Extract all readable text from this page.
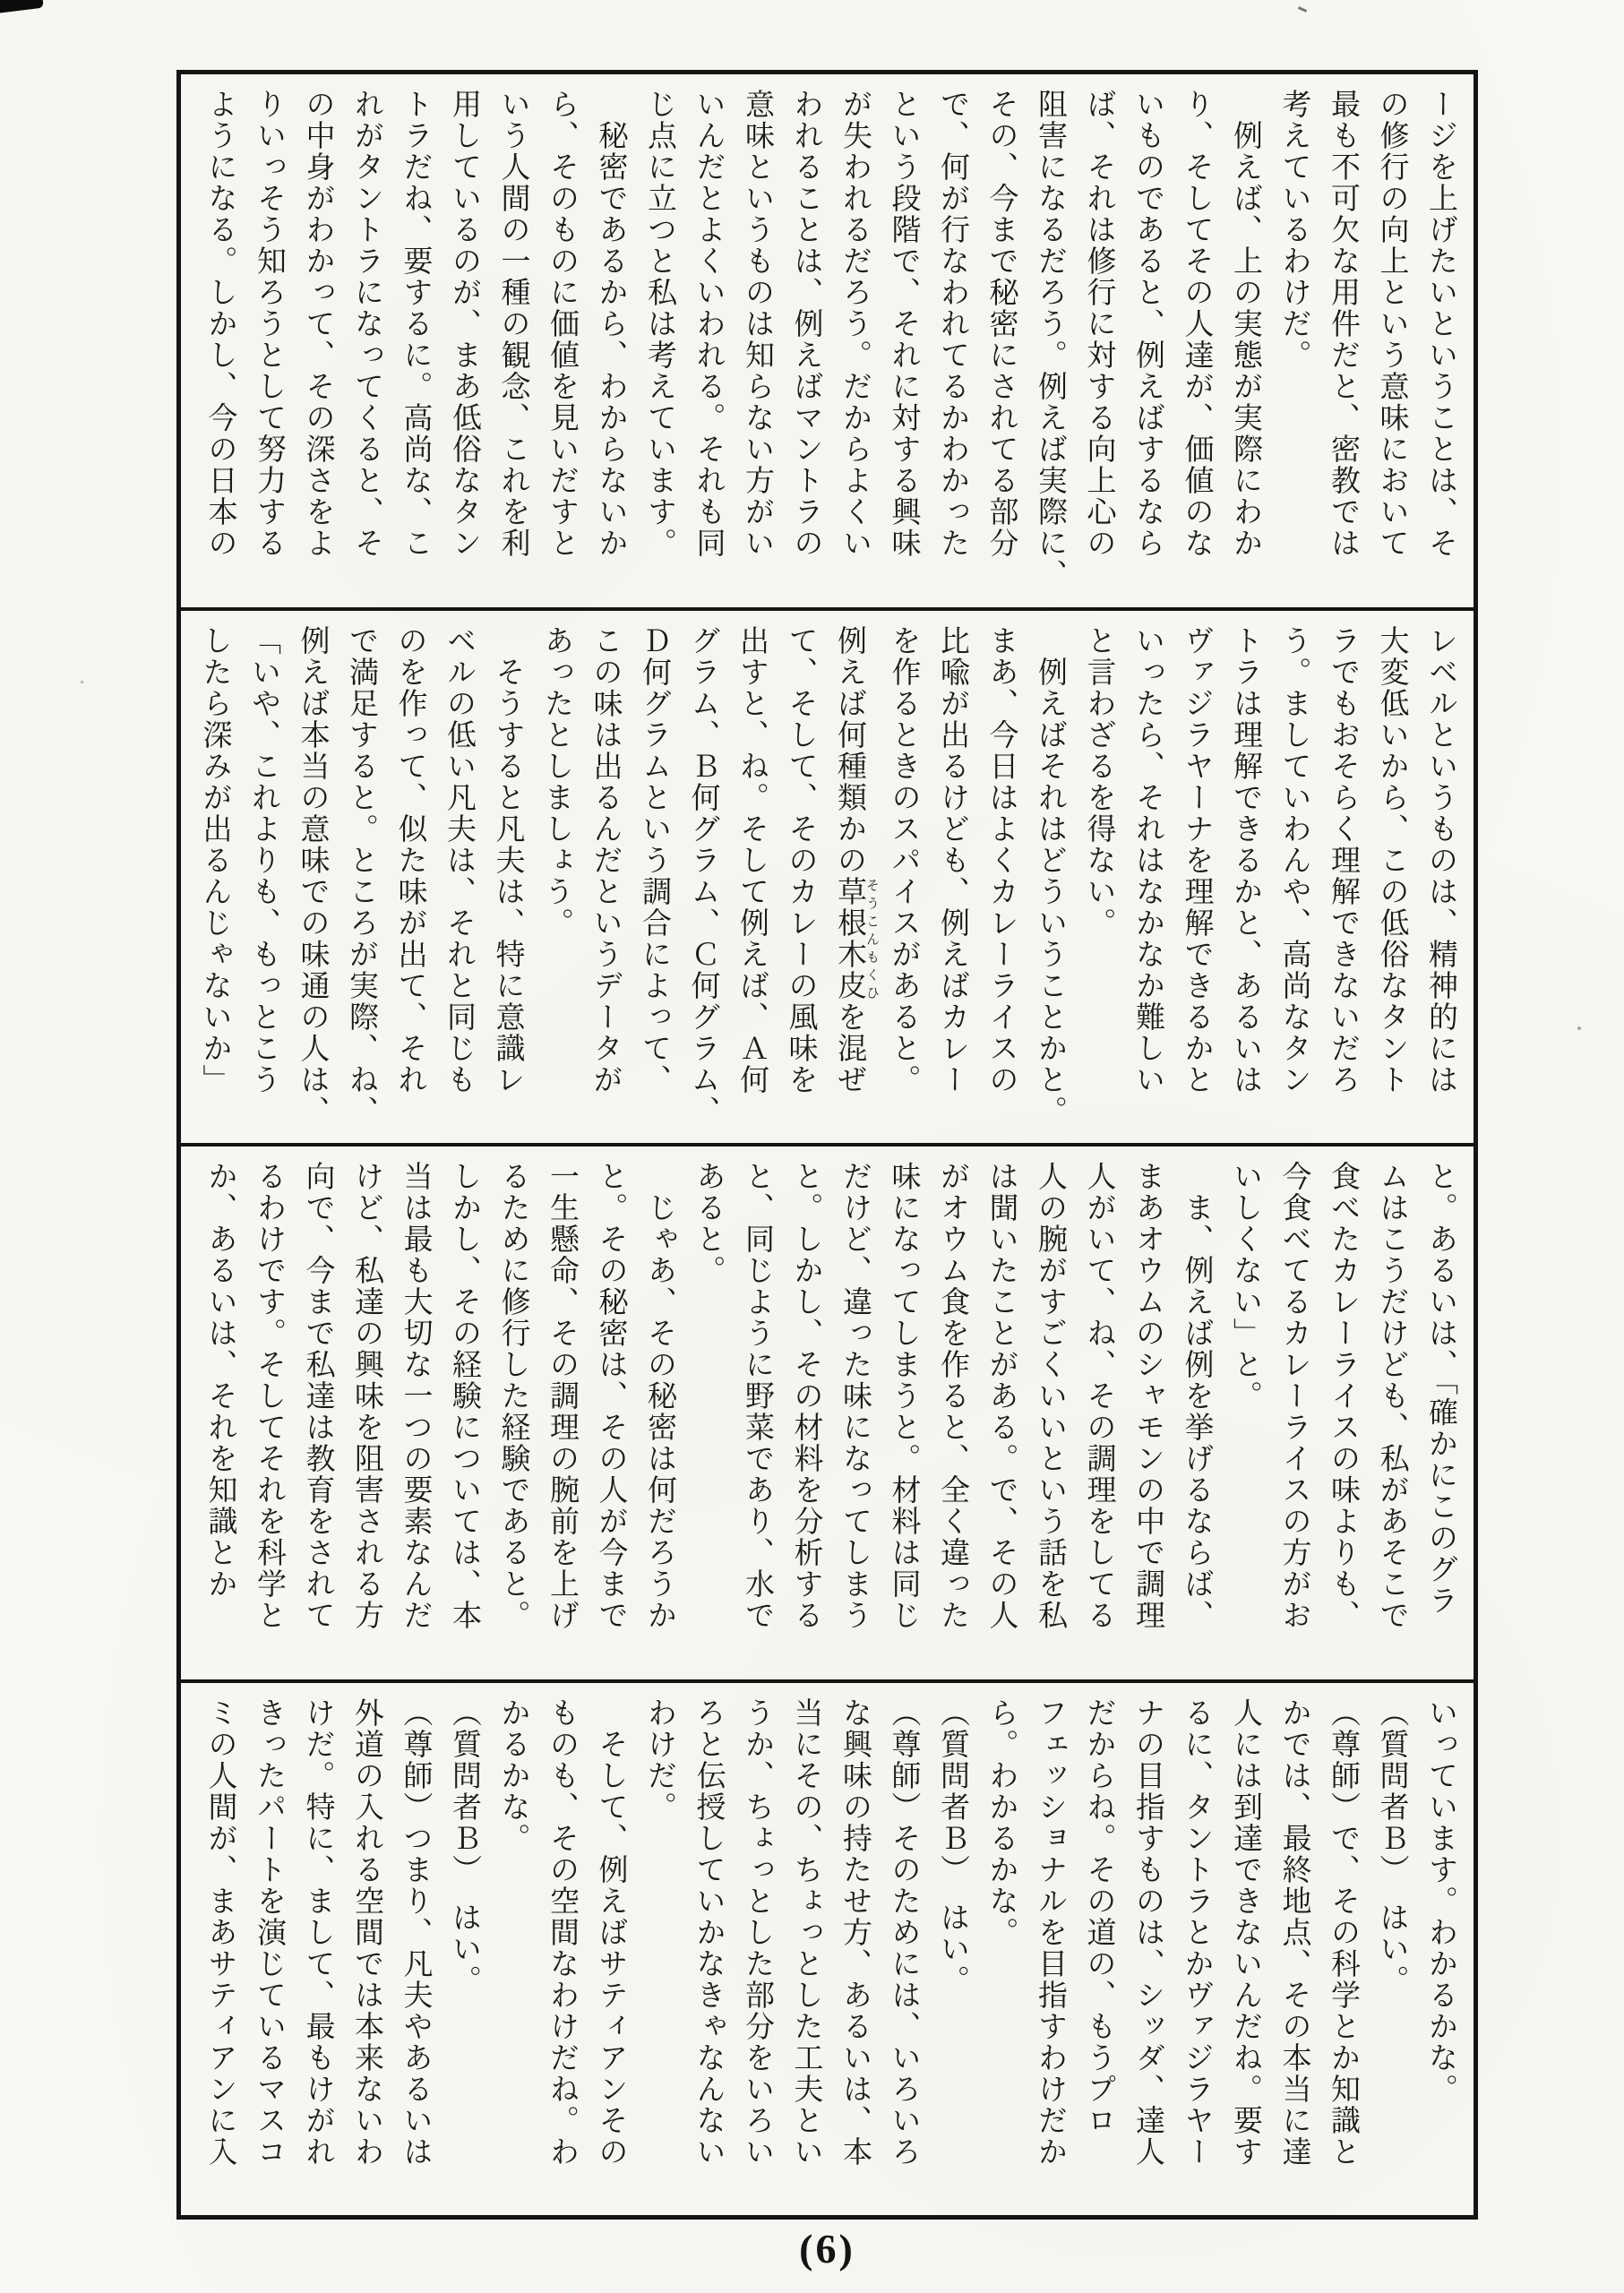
ージを上げたいということは、そ
の修行の向上という意味において
最も不可欠な用件だと、密教では
考えているわけだ。
　例えば、上の実態が実際にわか
り、そしてその人達が、価値のな
いものであると、例えばするなら
ば、それは修行に対する向上心の
阻害になるだろう。例えば実際に、
その、今まで秘密にされてる部分
で、何が行なわれてるかわかった
という段階で、それに対する興味
が失われるだろう。だからよくい
われることは、例えばマントラの
意味というものは知らない方がい
いんだとよくいわれる。それも同
じ点に立つと私は考えています。
　秘密であるから、わからないか
ら、そのものに価値を見いだすと
いう人間の一種の観念、これを利
用しているのが、まあ低俗なタン
トラだね、要するに。高尚な、こ
れがタントラになってくると、そ
の中身がわかって、その深さをよ
りいっそう知ろうとして努力する
ようになる。しかし、今の日本の
レベルというものは、精神的には
大変低いから、この低俗なタント
ラでもおそらく理解できないだろ
う。ましていわんや、高尚なタン
トラは理解できるかと、あるいは
ヴァジラヤーナを理解できるかと
いったら、それはなかなか難しい
と言わざるを得ない。
　例えばそれはどういうことかと。
まあ、今日はよくカレーライスの
比喩が出るけども、例えばカレー
を作るときのスパイスがあると。
例えば何種類かの草根木皮 そうこんもくひを混ぜ
て、そして、そのカレーの風味を
出すと、ね。そして例えば、Ａ何
グラム、Ｂ何グラム、Ｃ何グラム、
Ｄ何グラムという調合によって、
この味は出るんだというデータが
あったとしましょう。
　そうすると凡夫は、特に意識レ
ベルの低い凡夫は、それと同じも
のを作って、似た味が出て、それ
で満足すると。ところが実際、ね、
例えば本当の意味での味通の人は、
「いや、これよりも、もっとこう
したら深みが出るんじゃないか」
と。あるいは、「確かにこのグラ
ムはこうだけども、私があそこで
食べたカレーライスの味よりも、
今食べてるカレーライスの方がお
いしくない」と。
　ま、例えば例を挙げるならば、
まあオウムのシャモンの中で調理
人がいて、ね、その調理をしてる
人の腕がすごくいいという話を私
は聞いたことがある。で、その人
がオウム食を作ると、全く違った
味になってしまうと。材料は同じ
だけど、違った味になってしまう
と。しかし、その材料を分析する
と、同じように野菜であり、水で
あると。
　じゃあ、その秘密は何だろうか
と。その秘密は、その人が今まで
一生懸命、その調理の腕前を上げ
るために修行した経験であると。
しかし、その経験については、本
当は最も大切な一つの要素なんだ
けど、私達の興味を阻害される方
向で、今まで私達は教育をされて
るわけです。そしてそれを科学と
か、あるいは、それを知識とか
いっています。わかるかな。
（質問者Ｂ）　はい。
（尊師）で、その科学とか知識と
かでは、最終地点、その本当に達
人には到達できないんだね。要す
るに、タントラとかヴァジラヤー
ナの目指すものは、シッダ、達人
だからね。その道の、もうプロ
フェッショナルを目指すわけだか
ら。わかるかな。
（質問者Ｂ）　はい。
（尊師）そのためには、いろいろ
な興味の持たせ方、あるいは、本
当にその、ちょっとした工夫とい
うか、ちょっとした部分をいろい
ろと伝授していかなきゃなんない
わけだ。
　そして、例えばサティアンその
ものも、その空間なわけだね。わ
かるかな。
（質問者Ｂ）　はい。
（尊師）つまり、凡夫やあるいは
外道の入れる空間では本来ないわ
けだ。特に、まして、最もけがれ
きったパートを演じているマスコ
ミの人間が、まあサティアンに入
(6)
